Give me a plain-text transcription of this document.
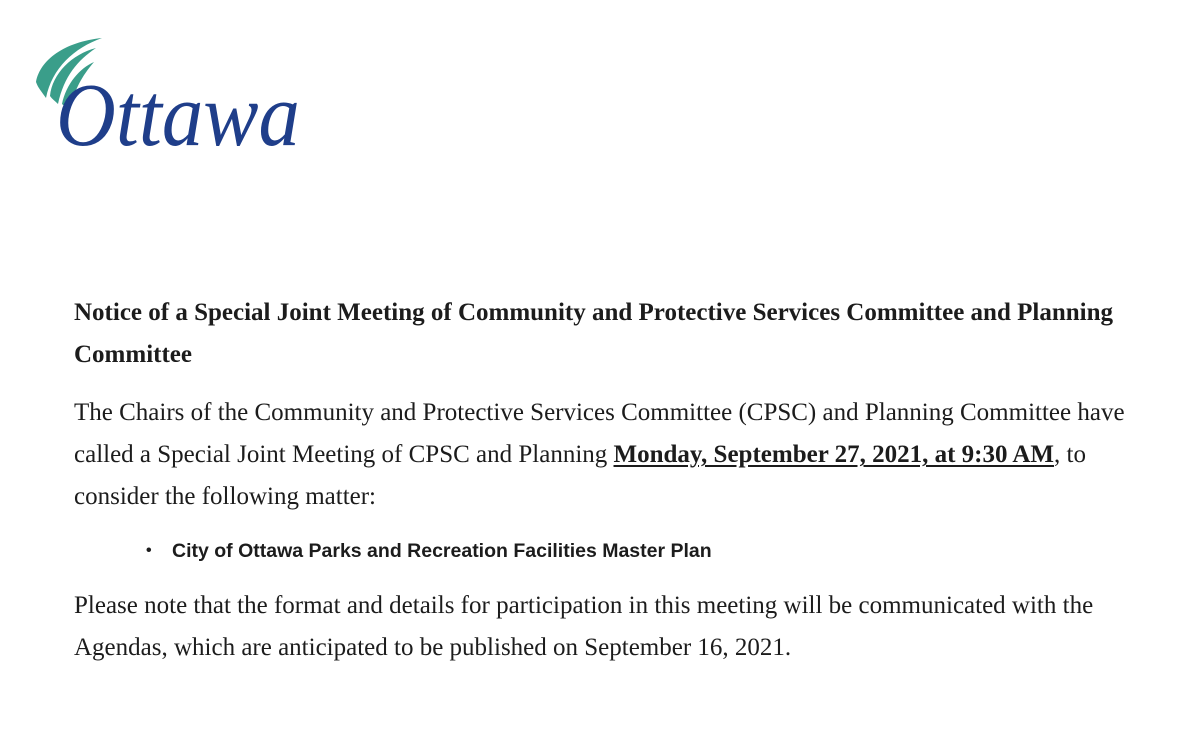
Ottawa
Notice of a Special Joint Meeting of Community and Protective Services Committee and Planning Committee

The Chairs of the Community and Protective Services Committee (CPSC) and Planning Committee have called a Special Joint Meeting of CPSC and Planning Monday, September 27, 2021, at 9:30 AM, to consider the following matter:

• City of Ottawa Parks and Recreation Facilities Master Plan

Please note that the format and details for participation in this meeting will be communicated with the Agendas, which are anticipated to be published on September 16, 2021.
